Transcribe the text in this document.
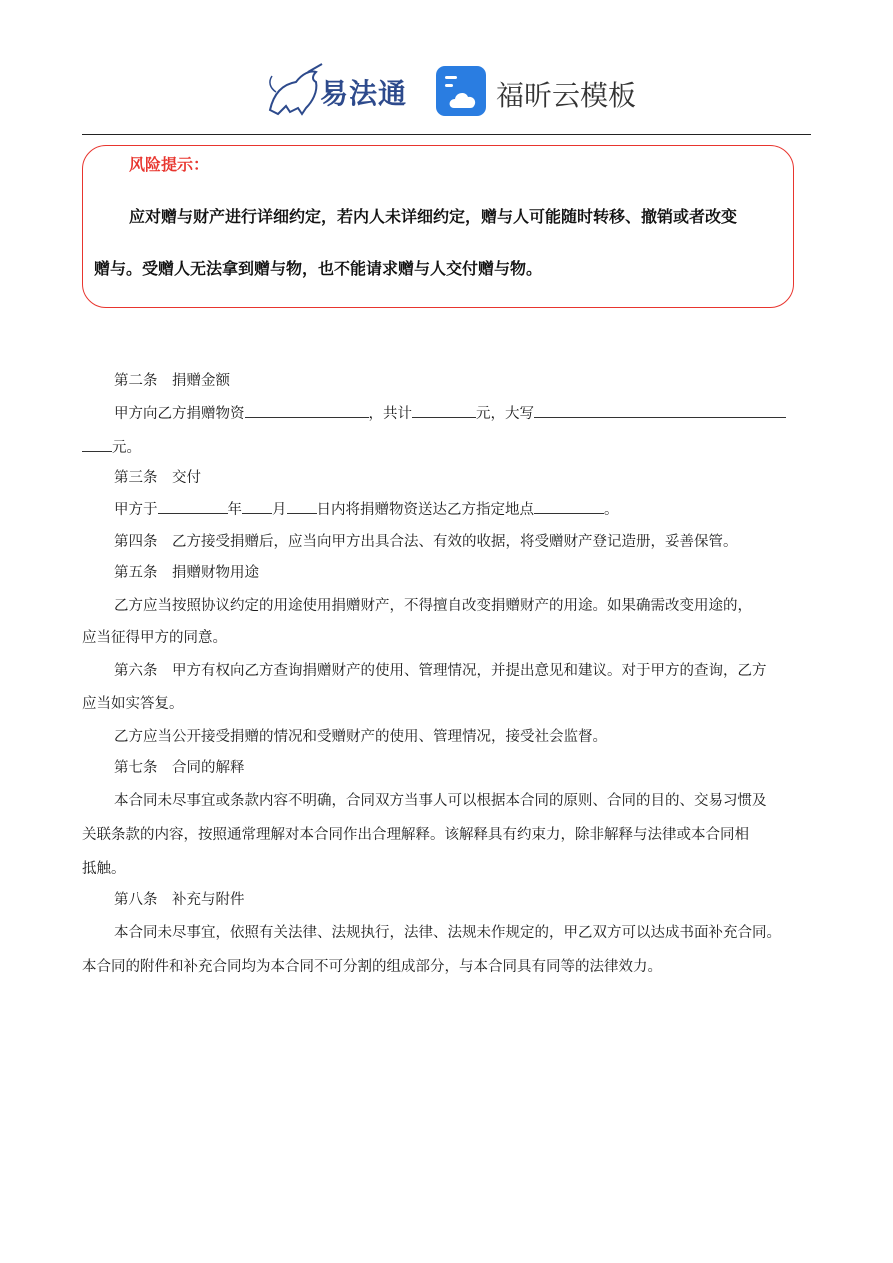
易法通	福昕云模板
风险提示：
应对赠与财产进行详细约定，若内人未详细约定，赠与人可能随时转移、撤销或者改变
赠与。受赠人无法拿到赠与物，也不能请求赠与人交付赠与物。
第二条　捐赠金额
甲方向乙方捐赠物资	，共计	元，大写
元。
第三条　交付
甲方于	年 月 日内将捐赠物资送达乙方指定地点	。
第四条　乙方接受捐赠后，应当向甲方出具合法、有效的收据，将受赠财产登记造册，妥善保管。
第五条　捐赠财物用途
乙方应当按照协议约定的用途使用捐赠财产，不得擅自改变捐赠财产的用途。如果确需改变用途的，
应当征得甲方的同意。
第六条　甲方有权向乙方查询捐赠财产的使用、管理情况，并提出意见和建议。对于甲方的查询，乙方
应当如实答复。
乙方应当公开接受捐赠的情况和受赠财产的使用、管理情况，接受社会监督。
第七条　合同的解释
本合同未尽事宜或条款内容不明确，合同双方当事人可以根据本合同的原则、合同的目的、交易习惯及
关联条款的内容，按照通常理解对本合同作出合理解释。该解释具有约束力，除非解释与法律或本合同相
抵触。
第八条　补充与附件
本合同未尽事宜，依照有关法律、法规执行，法律、法规未作规定的，甲乙双方可以达成书面补充合同。
本合同的附件和补充合同均为本合同不可分割的组成部分，与本合同具有同等的法律效力。
